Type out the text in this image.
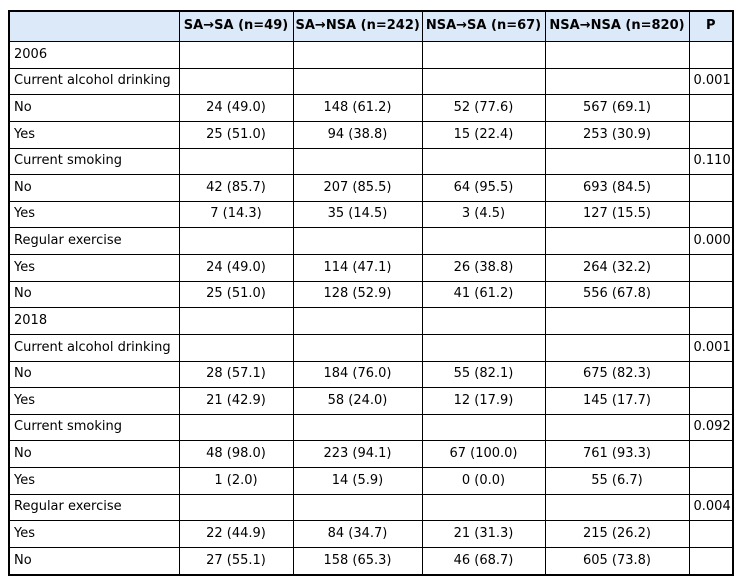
	SA→SA (n=49)	SA→NSA (n=242)	NSA→SA (n=67)	NSA→NSA (n=820)	P
2006					
Current alcohol drinking					0.001
No	24 (49.0)	148 (61.2)	52 (77.6)	567 (69.1)	
Yes	25 (51.0)	94 (38.8)	15 (22.4)	253 (30.9)	
Current smoking					0.110
No	42 (85.7)	207 (85.5)	64 (95.5)	693 (84.5)	
Yes	7 (14.3)	35 (14.5)	3 (4.5)	127 (15.5)	
Regular exercise					0.000
Yes	24 (49.0)	114 (47.1)	26 (38.8)	264 (32.2)	
No	25 (51.0)	128 (52.9)	41 (61.2)	556 (67.8)	
2018					
Current alcohol drinking					0.001
No	28 (57.1)	184 (76.0)	55 (82.1)	675 (82.3)	
Yes	21 (42.9)	58 (24.0)	12 (17.9)	145 (17.7)	
Current smoking					0.092
No	48 (98.0)	223 (94.1)	67 (100.0)	761 (93.3)	
Yes	1 (2.0)	14 (5.9)	0 (0.0)	55 (6.7)	
Regular exercise					0.004
Yes	22 (44.9)	84 (34.7)	21 (31.3)	215 (26.2)	
No	27 (55.1)	158 (65.3)	46 (68.7)	605 (73.8)	
